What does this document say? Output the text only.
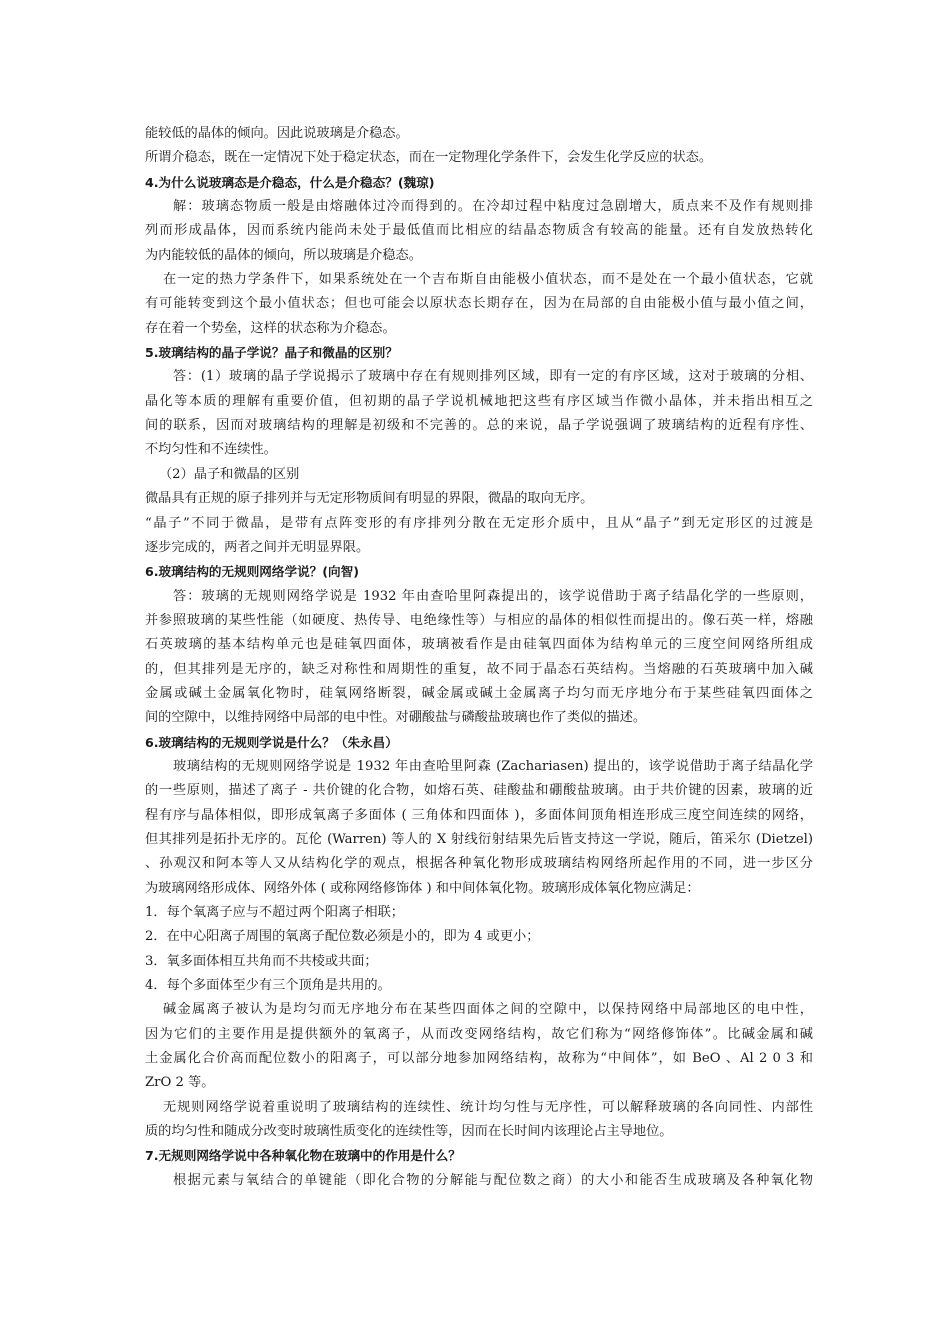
能较低的晶体的倾向。因此说玻璃是介稳态。
所谓介稳态，既在一定情况下处于稳定状态，而在一定物理化学条件下，会发生化学反应的状态。
4.为什么说玻璃态是介稳态，什么是介稳态？(魏琼)
解：玻璃态物质一般是由熔融体过冷而得到的。在冷却过程中粘度过急剧增大，质点来不及作有规则排
列而形成晶体，因而系统内能尚未处于最低值而比相应的结晶态物质含有较高的能量。还有自发放热转化
为内能较低的晶体的倾向，所以玻璃是介稳态。
在一定的热力学条件下，如果系统处在一个吉布斯自由能极小值状态，而不是处在一个最小值状态，它就
有可能转变到这个最小值状态；但也可能会以原状态长期存在，因为在局部的自由能极小值与最小值之间，
存在着一个势垒，这样的状态称为介稳态。
5.玻璃结构的晶子学说？晶子和微晶的区别？
答：(1）玻璃的晶子学说揭示了玻璃中存在有规则排列区域，即有一定的有序区域，这对于玻璃的分相、
晶化等本质的理解有重要价值，但初期的晶子学说机械地把这些有序区域当作微小晶体，并未指出相互之
间的联系，因而对玻璃结构的理解是初级和不完善的。总的来说，晶子学说强调了玻璃结构的近程有序性、
不均匀性和不连续性。
（2）晶子和微晶的区别
微晶具有正规的原子排列并与无定形物质间有明显的界限，微晶的取向无序。
“晶子”不同于微晶，是带有点阵变形的有序排列分散在无定形介质中，且从“晶子”到无定形区的过渡是
逐步完成的，两者之间并无明显界限。
6.玻璃结构的无规则网络学说？(向智)
答：玻璃的无规则网络学说是 1932 年由查哈里阿森提出的，该学说借助于离子结晶化学的一些原则，
并参照玻璃的某些性能（如硬度、热传导、电绝缘性等）与相应的晶体的相似性而提出的。像石英一样，熔融
石英玻璃的基本结构单元也是硅氧四面体，玻璃被看作是由硅氧四面体为结构单元的三度空间网络所组成
的，但其排列是无序的，缺乏对称性和周期性的重复，故不同于晶态石英结构。当熔融的石英玻璃中加入碱
金属或碱土金属氧化物时，硅氧网络断裂，碱金属或碱土金属离子均匀而无序地分布于某些硅氧四面体之
间的空隙中，以维持网络中局部的电中性。对硼酸盐与磷酸盐玻璃也作了类似的描述。
6.玻璃结构的无规则学说是什么？（朱永昌）
玻璃结构的无规则网络学说是 1932 年由查哈里阿森 (Zachariasen) 提出的，该学说借助于离子结晶化学
的一些原则，描述了离子 - 共价键的化合物，如熔石英、硅酸盐和硼酸盐玻璃。由于共价键的因素，玻璃的近
程有序与晶体相似，即形成氧离子多面体 ( 三角体和四面体 )，多面体间顶角相连形成三度空间连续的网络，
但其排列是拓扑无序的。瓦伦 (Warren) 等人的 X 射线衍射结果先后皆支持这一学说，随后，笛采尔 (Dietzel)
、孙观汉和阿本等人又从结构化学的观点，根据各种氧化物形成玻璃结构网络所起作用的不同，进一步区分
为玻璃网络形成体、网络外体 ( 或称网络修饰体 ) 和中间体氧化物。玻璃形成体氧化物应满足：
1．每个氧离子应与不超过两个阳离子相联；
2．在中心阳离子周围的氧离子配位数必须是小的，即为 4 或更小；
3．氧多面体相互共角而不共棱或共面；
4．每个多面体至少有三个顶角是共用的。
碱金属离子被认为是均匀而无序地分布在某些四面体之间的空隙中，以保持网络中局部地区的电中性，
因为它们的主要作用是提供额外的氧离子，从而改变网络结构，故它们称为“网络修饰体”。比碱金属和碱
土金属化合价高而配位数小的阳离子，可以部分地参加网络结构，故称为“中间体”，如 BeO 、Al 2 0 3 和
ZrO 2 等。
无规则网络学说着重说明了玻璃结构的连续性、统计均匀性与无序性，可以解释玻璃的各向同性、内部性
质的均匀性和随成分改变时玻璃性质变化的连续性等，因而在长时间内该理论占主导地位。
7.无规则网络学说中各种氧化物在玻璃中的作用是什么？
根据元素与氧结合的单键能（即化合物的分解能与配位数之商）的大小和能否生成玻璃及各种氧化物
